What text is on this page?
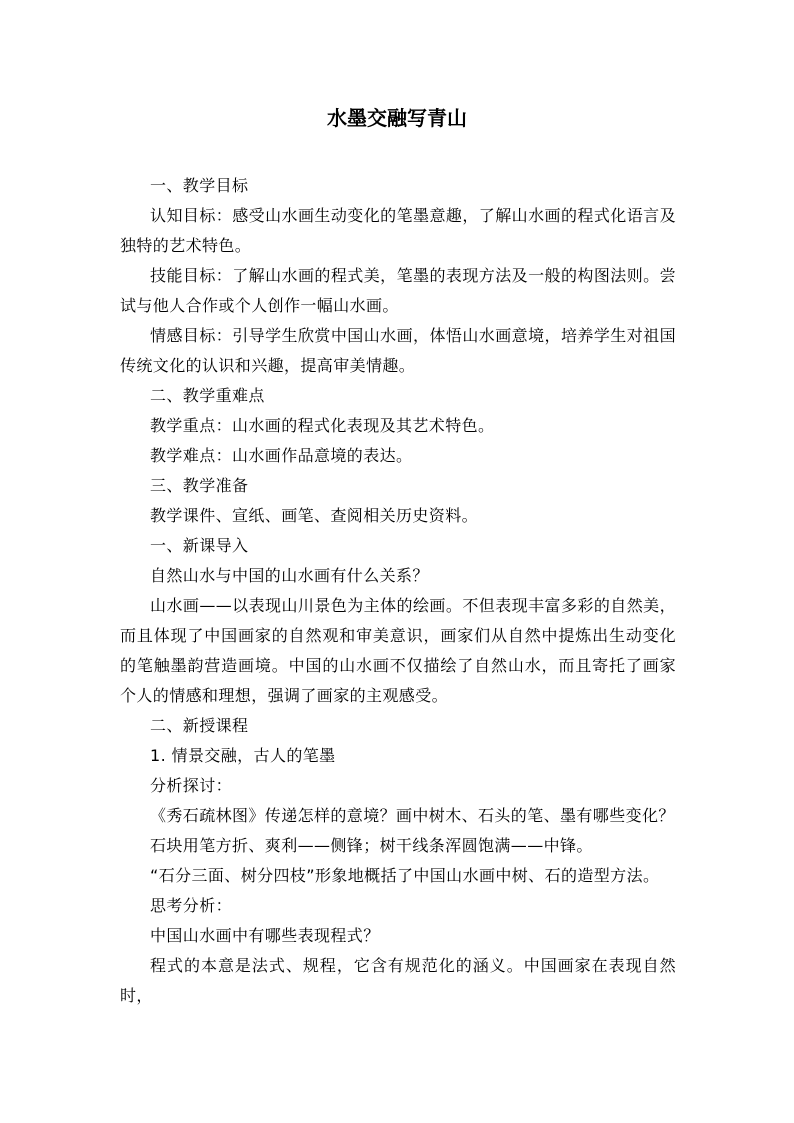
水墨交融写青山

一、教学目标

认知目标：感受山水画生动变化的笔墨意趣，了解山水画的程式化语言及独特的艺术特色。

技能目标：了解山水画的程式美，笔墨的表现方法及一般的构图法则。尝试与他人合作或个人创作一幅山水画。

情感目标：引导学生欣赏中国山水画，体悟山水画意境，培养学生对祖国传统文化的认识和兴趣，提高审美情趣。

二、教学重难点

教学重点：山水画的程式化表现及其艺术特色。

教学难点：山水画作品意境的表达。

三、教学准备

教学课件、宣纸、画笔、查阅相关历史资料。

一、新课导入

自然山水与中国的山水画有什么关系？

山水画——以表现山川景色为主体的绘画。不但表现丰富多彩的自然美，而且体现了中国画家的自然观和审美意识，画家们从自然中提炼出生动变化的笔触墨韵营造画境。中国的山水画不仅描绘了自然山水，而且寄托了画家个人的情感和理想，强调了画家的主观感受。

二、新授课程

1. 情景交融，古人的笔墨

分析探讨：

《秀石疏林图》传递怎样的意境？画中树木、石头的笔、墨有哪些变化？

石块用笔方折、爽利——侧锋；树干线条浑圆饱满——中锋。

“石分三面、树分四枝”形象地概括了中国山水画中树、石的造型方法。

思考分析：

中国山水画中有哪些表现程式？

程式的本意是法式、规程，它含有规范化的涵义。中国画家在表现自然时，
